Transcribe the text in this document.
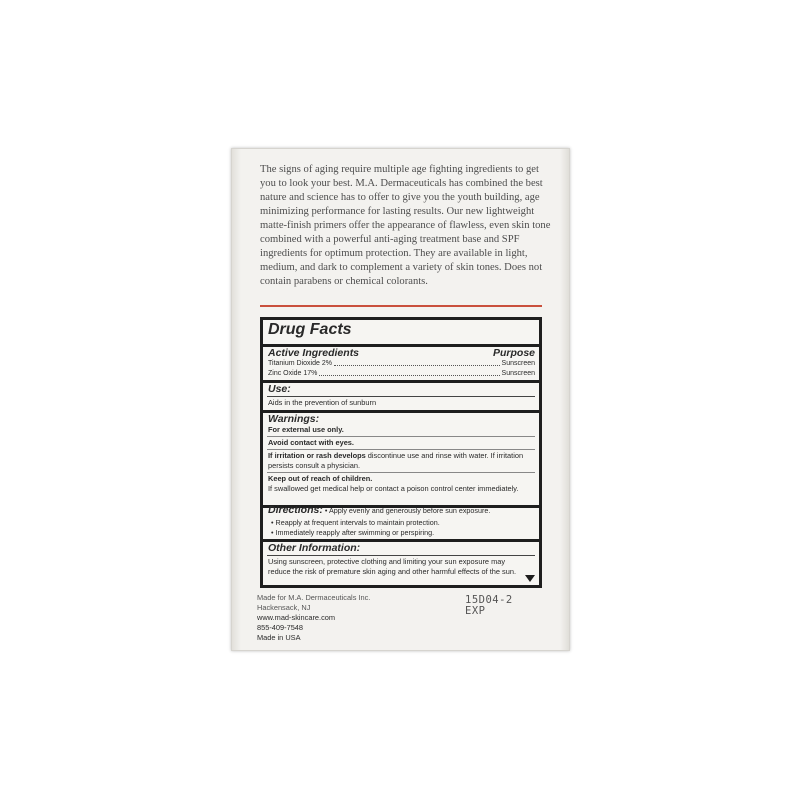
The signs of aging require multiple age fighting ingredients to get you to look your best. M.A. Dermaceuticals has combined the best nature and science has to offer to give you the youth building, age minimizing performance for lasting results. Our new lightweight matte-finish primers offer the appearance of flawless, even skin tone combined with a powerful anti-aging treatment base and SPF ingredients for optimum protection. They are available in light, medium, and dark to complement a variety of skin tones. Does not contain parabens or chemical colorants.

Drug Facts
Active Ingredients	Purpose
Titanium Dioxide 2%	Sunscreen
Zinc Oxide 17%	Sunscreen
Use:

Aids in the prevention of sunburn

Warnings:

For external use only.

Avoid contact with eyes.

If irritation or rash develops discontinue use and rinse with water. If irritation persists consult a physician.

Keep out of reach of children.

If swallowed get medical help or contact a poison control center immediately.

Directions: • Apply evenly and generously before sun exposure.
• Reapply at frequent intervals to maintain protection.
• Immediately reapply after swimming or perspiring.
Other Information:

Using sunscreen, protective clothing and limiting your sun exposure may reduce the risk of premature skin aging and other harmful effects of the sun.

Made for M.A. Dermaceuticals Inc.
Hackensack, NJ
www.mad-skincare.com
855-409-7548
Made in USA
15D04-2
EXP
